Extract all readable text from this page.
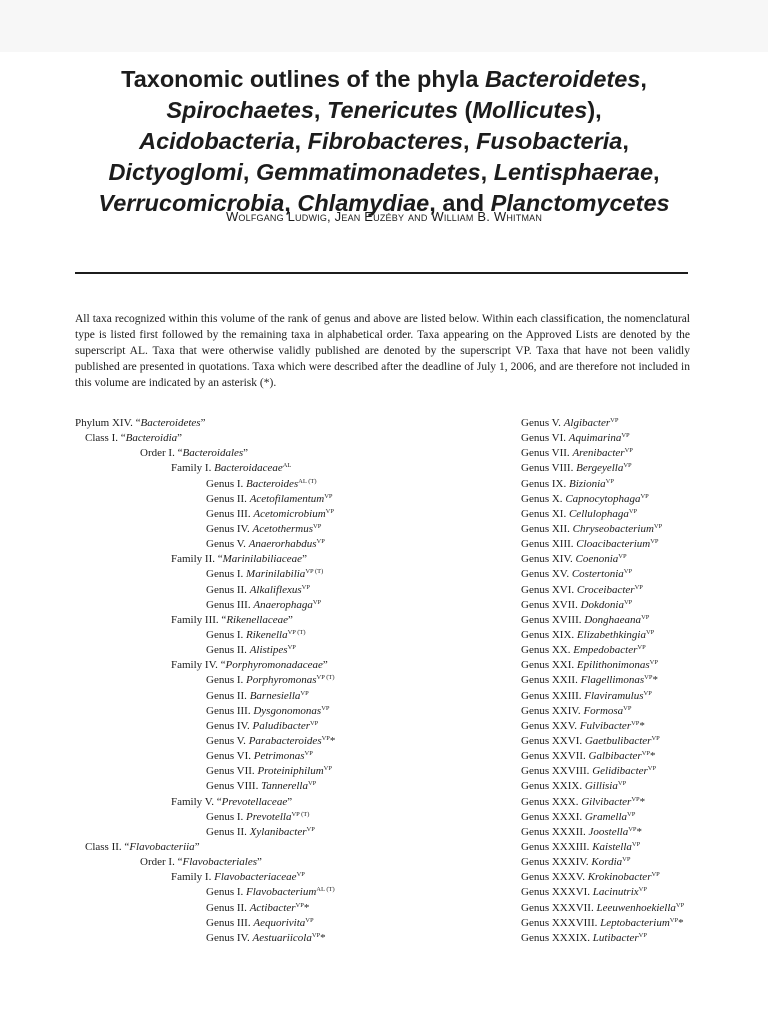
Taxonomic outlines of the phyla Bacteroidetes,
Spirochaetes, Tenericutes (Mollicutes),
Acidobacteria, Fibrobacteres, Fusobacteria,
Dictyoglomi, Gemmatimonadetes, Lentisphaerae,
Verrucomicrobia, Chlamydiae, and Planctomycetes
Wolfgang Ludwig, Jean Euzéby and William B. Whitman

All taxa recognized within this volume of the rank of genus and above are listed below. Within each classification, the nomenclatural type is listed first followed by the remaining taxa in alphabetical order. Taxa appearing on the Approved Lists are denoted by the superscript AL. Taxa that were otherwise validly published are denoted by the superscript VP. Taxa that have not been validly published are presented in quotations. Taxa which were described after the deadline of July 1, 2006, and are therefore not included in this volume are indicated by an asterisk (*).

Phylum XIV. “Bacteroidetes”
Class I. “Bacteroidia”
Order I. “Bacteroidales”
Family I. Bacteroidaceae$^{AL}$
Genus I. Bacteroides$^{AL (T)}$
Genus II. Acetofilamentum$^{VP}$
Genus III. Acetomicrobium$^{VP}$
Genus IV. Acetothermus$^{VP}$
Genus V. Anaerorhabdus$^{VP}$
Family II. “Marinilabiliaceae”
Genus I. Marinilabilia$^{VP (T)}$
Genus II. Alkaliflexus$^{VP}$
Genus III. Anaerophaga$^{VP}$
Family III. “Rikenellaceae”
Genus I. Rikenella$^{VP (T)}$
Genus II. Alistipes$^{VP}$
Family IV. “Porphyromonadaceae”
Genus I. Porphyromonas$^{VP (T)}$
Genus II. Barnesiella$^{VP}$
Genus III. Dysgonomonas$^{VP}$
Genus IV. Paludibacter$^{VP}$
Genus V. Parabacteroides$^{VP}$*
Genus VI. Petrimonas$^{VP}$
Genus VII. Proteiniphilum$^{VP}$
Genus VIII. Tannerella$^{VP}$
Family V. “Prevotellaceae”
Genus I. Prevotella$^{VP (T)}$
Genus II. Xylanibacter$^{VP}$
Class II. “Flavobacteriia”
Order I. “Flavobacteriales”
Family I. Flavobacteriaceae$^{VP}$
Genus I. Flavobacterium$^{AL (T)}$
Genus II. Actibacter$^{VP}$*
Genus III. Aequorivita$^{VP}$
Genus IV. Aestuariicola$^{VP}$*
Genus V. Algibacter$^{VP}$
Genus VI. Aquimarina$^{VP}$
Genus VII. Arenibacter$^{VP}$
Genus VIII. Bergeyella$^{VP}$
Genus IX. Bizionia$^{VP}$
Genus X. Capnocytophaga$^{VP}$
Genus XI. Cellulophaga$^{VP}$
Genus XII. Chryseobacterium$^{VP}$
Genus XIII. Cloacibacterium$^{VP}$
Genus XIV. Coenonia$^{VP}$
Genus XV. Costertonia$^{VP}$
Genus XVI. Croceibacter$^{VP}$
Genus XVII. Dokdonia$^{VP}$
Genus XVIII. Donghaeana$^{VP}$
Genus XIX. Elizabethkingia$^{VP}$
Genus XX. Empedobacter$^{VP}$
Genus XXI. Epilithonimonas$^{VP}$
Genus XXII. Flagellimonas$^{VP}$*
Genus XXIII. Flaviramulus$^{VP}$
Genus XXIV. Formosa$^{VP}$
Genus XXV. Fulvibacter$^{VP}$*
Genus XXVI. Gaetbulibacter$^{VP}$
Genus XXVII. Galbibacter$^{VP}$*
Genus XXVIII. Gelidibacter$^{VP}$
Genus XXIX. Gillisia$^{VP}$
Genus XXX. Gilvibacter$^{VP}$*
Genus XXXI. Gramella$^{VP}$
Genus XXXII. Joostella$^{VP}$*
Genus XXXIII. Kaistella$^{VP}$
Genus XXXIV. Kordia$^{VP}$
Genus XXXV. Krokinobacter$^{VP}$
Genus XXXVI. Lacinutrix$^{VP}$
Genus XXXVII. Leeuwenhoekiella$^{VP}$
Genus XXXVIII. Leptobacterium$^{VP}$*
Genus XXXIX. Lutibacter$^{VP}$
